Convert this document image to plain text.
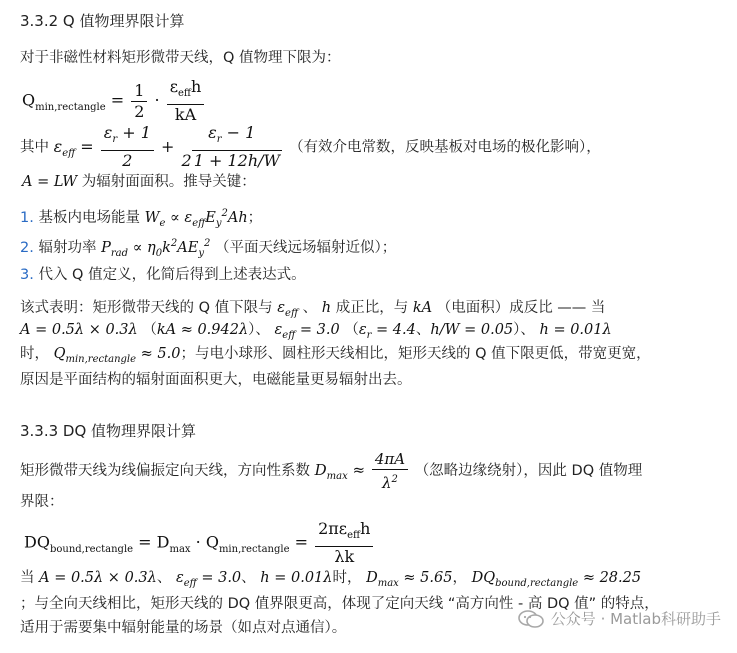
3.3.2 Q 值物理界限计算
对于非磁性材料矩形微带天线，Q 值物理下限为：
$Q_{min,rectangle} = \frac{1}{2} \cdot \frac{\varepsilon_{eff}h}{kA}$
其中 $\varepsilon_{eff} = \frac{\varepsilon_r + 1}{2} + \frac{\varepsilon_r - 1}{2 1 + 12h/W}$ （有效介电常数，反映基板对电场的极化影响），
A = LW 为辐射面面积。推导关键：
1. 基板内电场能量 $W_e \propto \varepsilon_{eff}E_y^2Ah$；
2. 辐射功率 $P_{rad} \propto \eta_0k^2AE_y^2$ （平面天线远场辐射近似）；
3. 代入 Q 值定义，化简后得到上述表达式。
该式表明：矩形微带天线的 Q 值下限与 $\varepsilon_{eff}$ 、 h 成正比，与 kA （电面积）成反比 —— 当
A = 0.5λ × 0.3λ （kA ≈ 0.942λ）、 $\varepsilon_{eff} = 3.0$ （$\varepsilon_r = 4.4$、h/W = 0.05）、 h = 0.01λ
时， $Q_{min,rectangle} \approx 5.0$；与电小球形、圆柱形天线相比，矩形天线的 Q 值下限更低，带宽更宽，
原因是平面结构的辐射面面积更大，电磁能量更易辐射出去。
3.3.3 DQ 值物理界限计算
矩形微带天线为线偏振定向天线，方向性系数 $D_{max} \approx \frac{4\pi A}{\lambda^2}$ （忽略边缘绕射），因此 DQ 值物理
界限：
$DQ_{bound,rectangle} = D_{max} \cdot Q_{min,rectangle} = \frac{2\pi\varepsilon_{eff}h}{\lambda k}$
当 A = 0.5λ × 0.3λ、 $\varepsilon_{eff} = 3.0$、 h = 0.01λ时， $D_{max} \approx 5.65$， $DQ_{bound,rectangle} \approx 28.25$
；与全向天线相比，矩形天线的 DQ 值界限更高，体现了定向天线 “高方向性 - 高 DQ 值” 的特点，
适用于需要集中辐射能量的场景（如点对点通信）。	公众号 · Matlab科研助手
